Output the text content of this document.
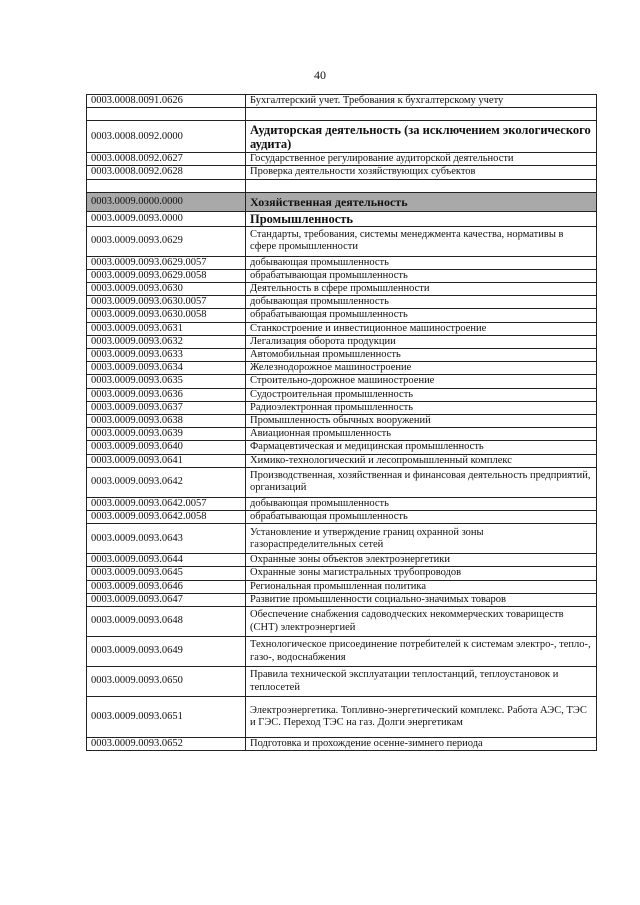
40
0003.0008.0091.0626	Бухгалтерский учет. Требования к бухгалтерскому учету

0003.0008.0092.0000	Аудиторская деятельность (за исключением экологического аудита)
0003.0008.0092.0627	Государственное регулирование аудиторской деятельности
0003.0008.0092.0628	Проверка деятельности хозяйствующих субъектов

0003.0009.0000.0000	Хозяйственная деятельность
0003.0009.0093.0000	Промышленность
0003.0009.0093.0629	Стандарты, требования, системы менеджмента качества, нормативы в сфере промышленности
0003.0009.0093.0629.0057	добывающая промышленность
0003.0009.0093.0629.0058	обрабатывающая промышленность
0003.0009.0093.0630	Деятельность в сфере промышленности
0003.0009.0093.0630.0057	добывающая промышленность
0003.0009.0093.0630.0058	обрабатывающая промышленность
0003.0009.0093.0631	Станкостроение и инвестиционное машиностроение
0003.0009.0093.0632	Легализация оборота продукции
0003.0009.0093.0633	Автомобильная промышленность
0003.0009.0093.0634	Железнодорожное машиностроение
0003.0009.0093.0635	Строительно-дорожное машиностроение
0003.0009.0093.0636	Судостроительная промышленность
0003.0009.0093.0637	Радиоэлектронная промышленность
0003.0009.0093.0638	Промышленность обычных вооружений
0003.0009.0093.0639	Авиационная промышленность
0003.0009.0093.0640	Фармацевтическая и медицинская промышленность
0003.0009.0093.0641	Химико-технологический и лесопромышленный комплекс
0003.0009.0093.0642	Производственная, хозяйственная и финансовая деятельность предприятий, организаций
0003.0009.0093.0642.0057	добывающая промышленность
0003.0009.0093.0642.0058	обрабатывающая промышленность
0003.0009.0093.0643	Установление и утверждение границ охранной зоны газораспределительных сетей
0003.0009.0093.0644	Охранные зоны объектов электроэнергетики
0003.0009.0093.0645	Охранные зоны магистральных трубопроводов
0003.0009.0093.0646	Региональная промышленная политика
0003.0009.0093.0647	Развитие промышленности социально-значимых товаров
0003.0009.0093.0648	Обеспечение снабжения садоводческих некоммерческих товариществ (СНТ) электроэнергией
0003.0009.0093.0649	Технологическое присоединение потребителей к системам электро-, тепло-, газо-, водоснабжения
0003.0009.0093.0650	Правила технической эксплуатации теплостанций, теплоустановок и теплосетей
0003.0009.0093.0651	Электроэнергетика. Топливно-энергетический комплекс. Работа АЭС, ТЭС и ГЭС. Переход ТЭС на газ. Долги энергетикам
0003.0009.0093.0652	Подготовка и прохождение осенне-зимнего периода
